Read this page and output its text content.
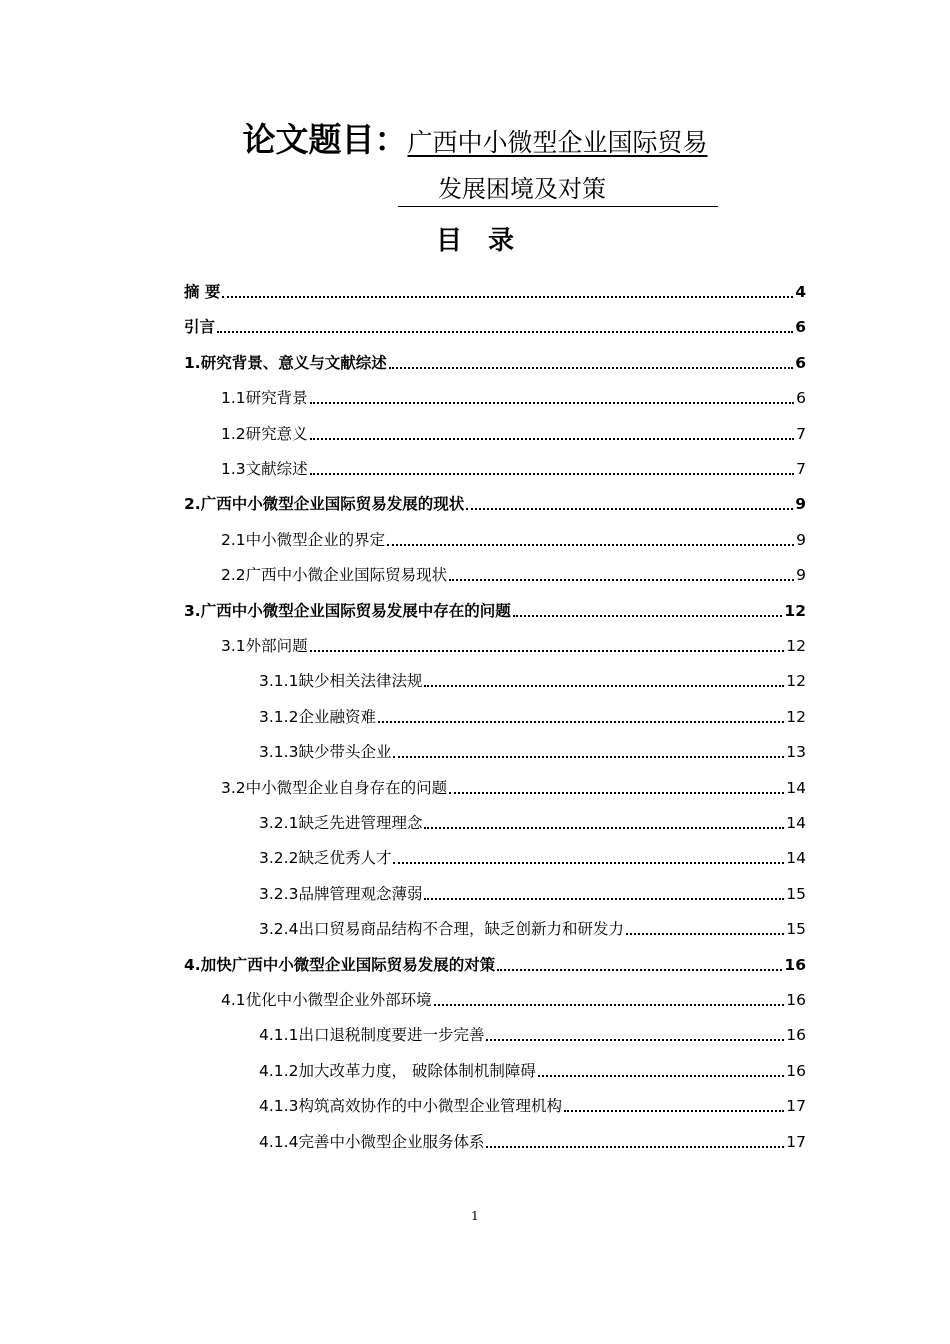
论文题目：广西中小微型企业国际贸易
发展困境及对策
目录
摘 要	4
引言	6
1. 研究背景、意义与文献综述	6
1.1 研究背景	6
1.2 研究意义	7
1.3 文献综述	7
2. 广西中小微型企业国际贸易发展的现状	9
2.1 中小微型企业的界定	9
2.2 广西中小微企业国际贸易现状	9
3. 广西中小微型企业国际贸易发展中存在的问题	12
3.1 外部问题	12
3.1.1 缺少相关法律法规	12
3.1.2 企业融资难	12
3.1.3 缺少带头企业	13
3.2 中小微型企业自身存在的问题	14
3.2.1 缺乏先进管理理念	14
3.2.2 缺乏优秀人才	14
3.2.3 品牌管理观念薄弱	15
3.2.4 出口贸易商品结构不合理，缺乏创新力和研发力	15
4. 加快广西中小微型企业国际贸易发展的对策	16
4.1 优化中小微型企业外部环境	16
4.1.1 出口退税制度要进一步完善	16
4.1.2 加大改革力度， 破除体制机制障碍	16
4.1.3 构筑高效协作的中小微型企业管理机构	17
4.1.4 完善中小微型企业服务体系	17
1
